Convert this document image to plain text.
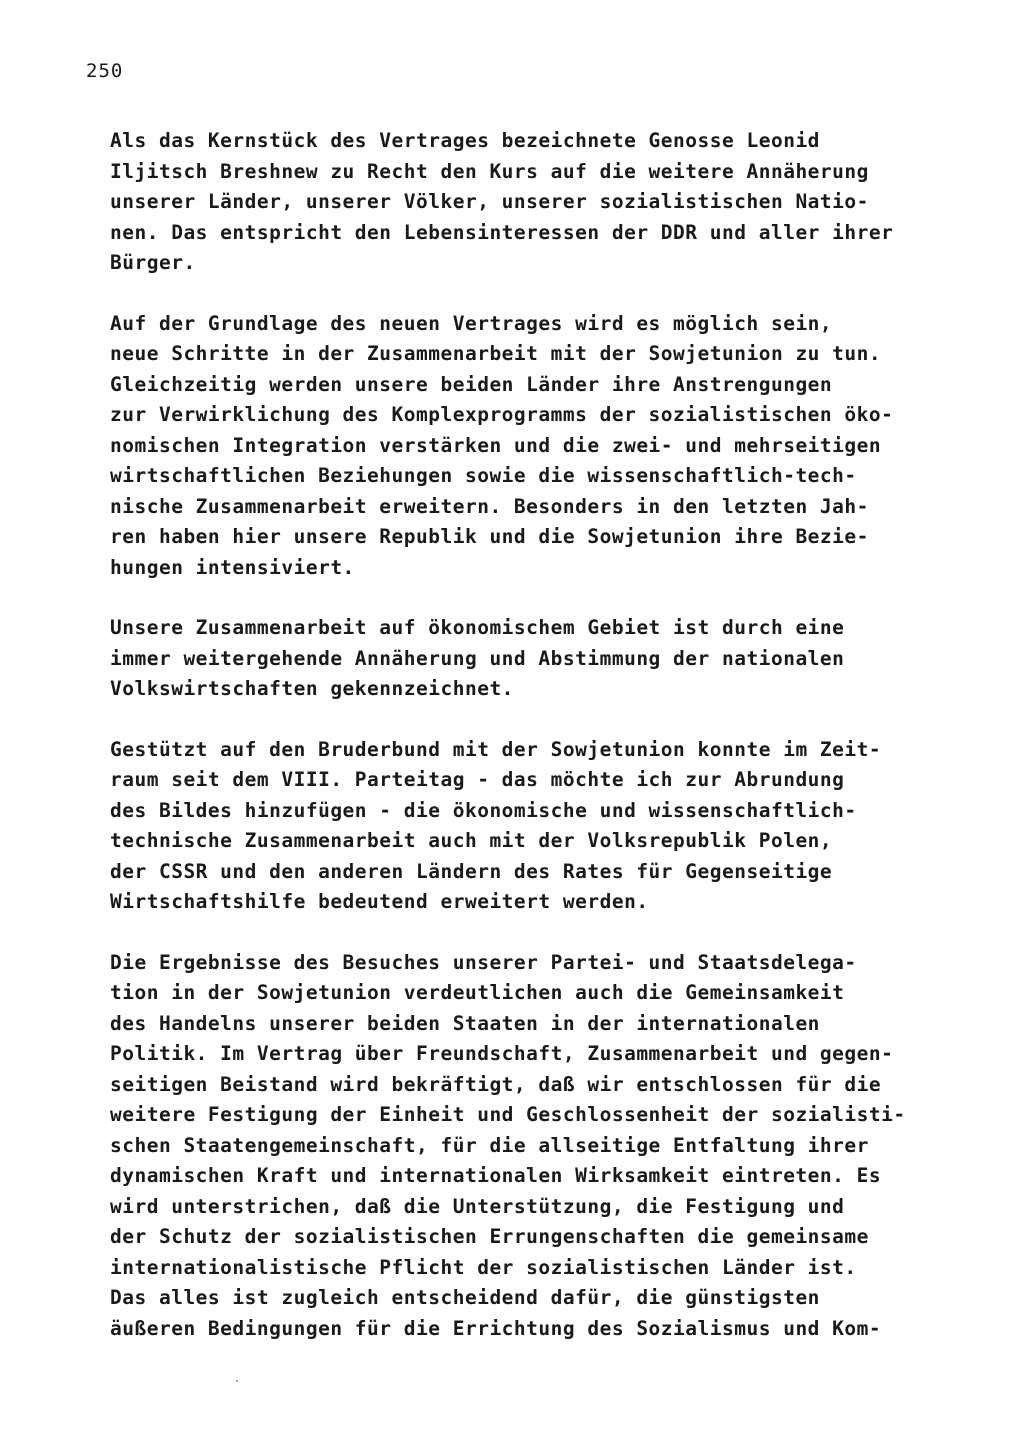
250
Als das Kernstück des Vertrages bezeichnete Genosse Leonid
Iljitsch Breshnew zu Recht den Kurs auf die weitere Annäherung
unserer Länder, unserer Völker, unserer sozialistischen Natio-
nen. Das entspricht den Lebensinteressen der DDR und aller ihrer
Bürger.
Auf der Grundlage des neuen Vertrages wird es möglich sein,
neue Schritte in der Zusammenarbeit mit der Sowjetunion zu tun.
Gleichzeitig werden unsere beiden Länder ihre Anstrengungen
zur Verwirklichung des Komplexprogramms der sozialistischen öko-
nomischen Integration verstärken und die zwei- und mehrseitigen
wirtschaftlichen Beziehungen sowie die wissenschaftlich-tech-
nische Zusammenarbeit erweitern. Besonders in den letzten Jah-
ren haben hier unsere Republik und die Sowjetunion ihre Bezie-
hungen intensiviert.
Unsere Zusammenarbeit auf ökonomischem Gebiet ist durch eine
immer weitergehende Annäherung und Abstimmung der nationalen
Volkswirtschaften gekennzeichnet.
Gestützt auf den Bruderbund mit der Sowjetunion konnte im Zeit-
raum seit dem VIII. Parteitag - das möchte ich zur Abrundung
des Bildes hinzufügen - die ökonomische und wissenschaftlich-
technische Zusammenarbeit auch mit der Volksrepublik Polen,
der CSSR und den anderen Ländern des Rates für Gegenseitige
Wirtschaftshilfe bedeutend erweitert werden.
Die Ergebnisse des Besuches unserer Partei- und Staatsdelega-
tion in der Sowjetunion verdeutlichen auch die Gemeinsamkeit
des Handelns unserer beiden Staaten in der internationalen
Politik. Im Vertrag über Freundschaft, Zusammenarbeit und gegen-
seitigen Beistand wird bekräftigt, daß wir entschlossen für die
weitere Festigung der Einheit und Geschlossenheit der sozialisti-
schen Staatengemeinschaft, für die allseitige Entfaltung ihrer
dynamischen Kraft und internationalen Wirksamkeit eintreten. Es
wird unterstrichen, daß die Unterstützung, die Festigung und
der Schutz der sozialistischen Errungenschaften die gemeinsame
internationalistische Pflicht der sozialistischen Länder ist.
Das alles ist zugleich entscheidend dafür, die günstigsten
äußeren Bedingungen für die Errichtung des Sozialismus und Kom-
